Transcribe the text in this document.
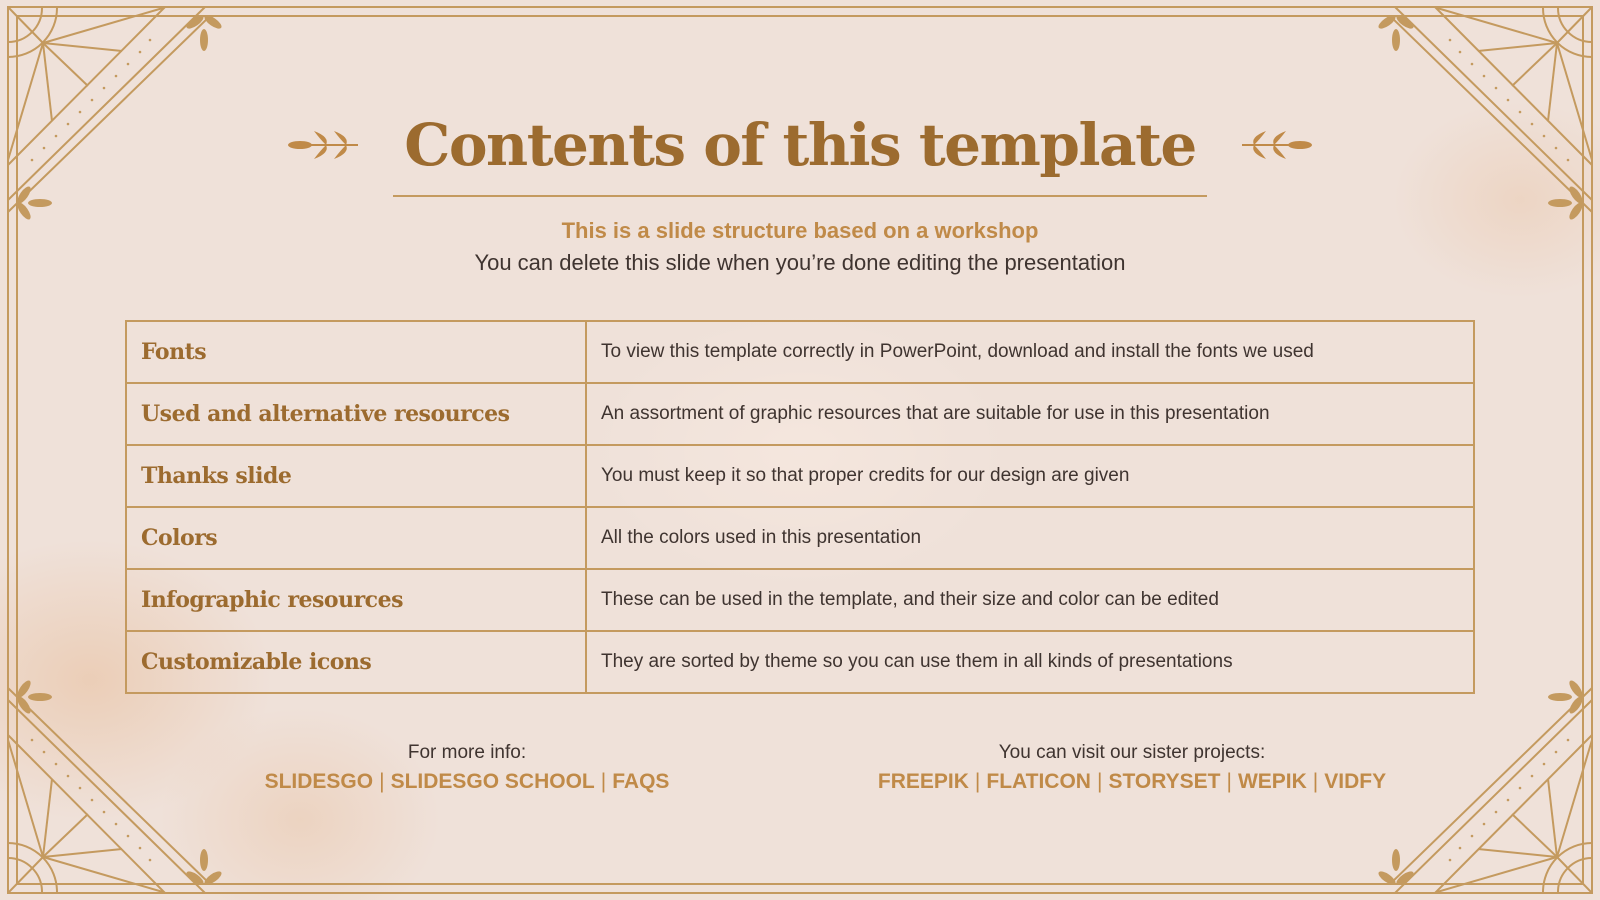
Contents of this template
This is a slide structure based on a workshop
You can delete this slide when you’re done editing the presentation
Fonts	To view this template correctly in PowerPoint, download and install the fonts we used
Used and alternative resources	An assortment of graphic resources that are suitable for use in this presentation
Thanks slide	You must keep it so that proper credits for our design are given
Colors	All the colors used in this presentation
Infographic resources	These can be used in the template, and their size and color can be edited
Customizable icons	They are sorted by theme so you can use them in all kinds of presentations
For more info:
SLIDESGO | SLIDESGO SCHOOL | FAQS
You can visit our sister projects:
FREEPIK | FLATICON | STORYSET | WEPIK | VIDFY
